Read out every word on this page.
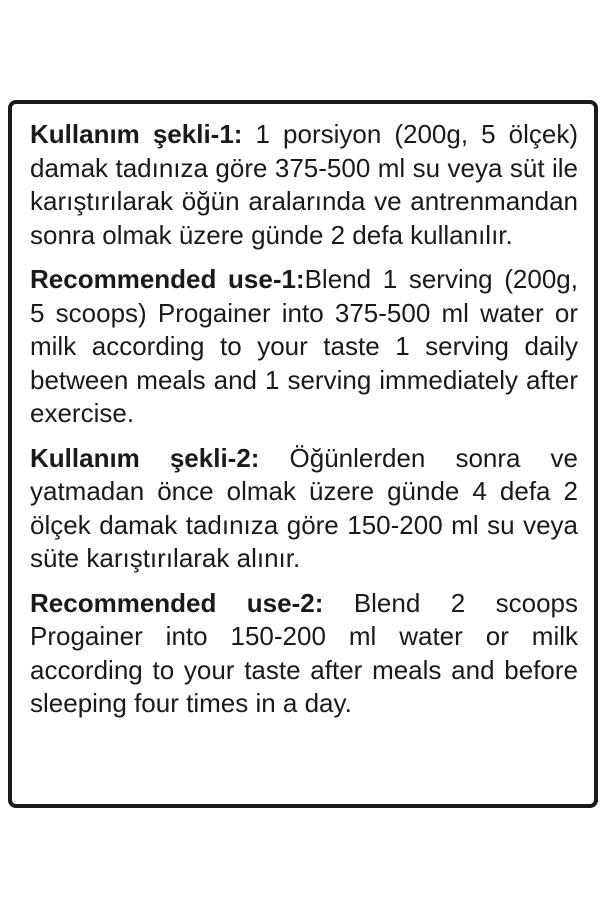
Kullanım şekli-1: 1 porsiyon (200g, 5 ölçek) damak tadınıza göre 375-500 ml su veya süt ile karıştırılarak öğün aralarında ve antrenmandan sonra olmak üzere günde 2 defa kullanılır.

Recommended use-1:Blend 1 serving (200g, 5 scoops) Progainer into 375-500 ml water or milk according to your taste 1 serving daily between meals and 1 serving immediately after exercise.

Kullanım şekli-2: Öğünlerden sonra ve yatmadan önce olmak üzere günde 4 defa 2 ölçek damak tadınıza göre 150-200 ml su veya süte karıştırılarak alınır.

Recommended use-2: Blend 2 scoops Progainer into 150-200 ml water or milk according to your taste after meals and before sleeping four times in a day.
